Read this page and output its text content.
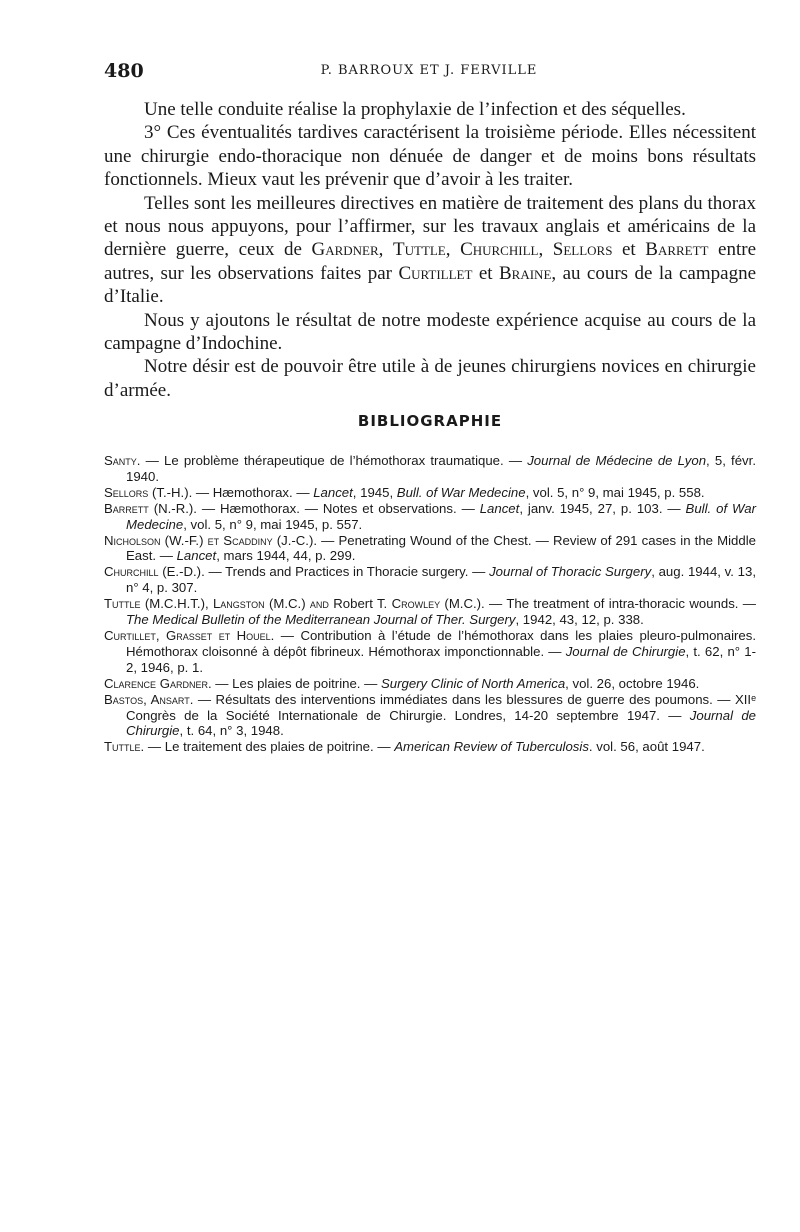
480	P. BARROUX ET J. FERVILLE

Une telle conduite réalise la prophylaxie de l’infection et des séquelles.

3° Ces éventualités tardives caractérisent la troisième période. Elles nécessitent une chirurgie endo-thoracique non dénuée de danger et de moins bons résultats fonctionnels. Mieux vaut les prévenir que d’avoir à les traiter.

Telles sont les meilleures directives en matière de traitement des plans du thorax et nous nous appuyons, pour l’affirmer, sur les travaux anglais et américains de la dernière guerre, ceux de Gardner, Tuttle, Churchill, Sellors et Barrett entre autres, sur les observations faites par Curtillet et Braine, au cours de la campagne d’Italie.

Nous y ajoutons le résultat de notre modeste expérience acquise au cours de la campagne d’Indochine.

Notre désir est de pouvoir être utile à de jeunes chirurgiens novices en chirurgie d’armée.

BIBLIOGRAPHIE
Santy. — Le problème thérapeutique de l’hémothorax traumatique. — Journal de Médecine de Lyon, 5, févr. 1940.
Sellors (T.-H.). — Hæmothorax. — Lancet, 1945, Bull. of War Medecine, vol. 5, n° 9, mai 1945, p. 558.
Barrett (N.-R.). — Hæmothorax. — Notes et observations. — Lancet, janv. 1945, 27, p. 103. — Bull. of War Medecine, vol. 5, n° 9, mai 1945, p. 557.
Nicholson (W.-F.) et Scaddiny (J.-C.). — Penetrating Wound of the Chest. — Review of 291 cases in the Middle East. — Lancet, mars 1944, 44, p. 299.
Churchill (E.-D.). — Trends and Practices in Thoracie surgery. — Journal of Thoracic Surgery, aug. 1944, v. 13, n° 4, p. 307.
Tuttle (M.C.H.T.), Langston (M.C.) and Robert T. Crowley (M.C.). — The treatment of intra-thoracic wounds. — The Medical Bulletin of the Mediterranean Journal of Ther. Surgery, 1942, 43, 12, p. 338.
Curtillet, Grasset et Houel. — Contribution à l’étude de l’hémothorax dans les plaies pleuro-pulmonaires. Hémothorax cloisonné à dépôt fibrineux. Hémothorax imponctionnable. — Journal de Chirurgie, t. 62, n° 1-2, 1946, p. 1.
Clarence Gardner. — Les plaies de poitrine. — Surgery Clinic of North America, vol. 26, octobre 1946.
Bastos, Ansart. — Résultats des interventions immédiates dans les blessures de guerre des poumons. — XIIᵉ Congrès de la Société Internationale de Chirurgie. Londres, 14-20 septembre 1947. — Journal de Chirurgie, t. 64, n° 3, 1948.
Tuttle. — Le traitement des plaies de poitrine. — American Review of Tuberculosis. vol. 56, août 1947.
